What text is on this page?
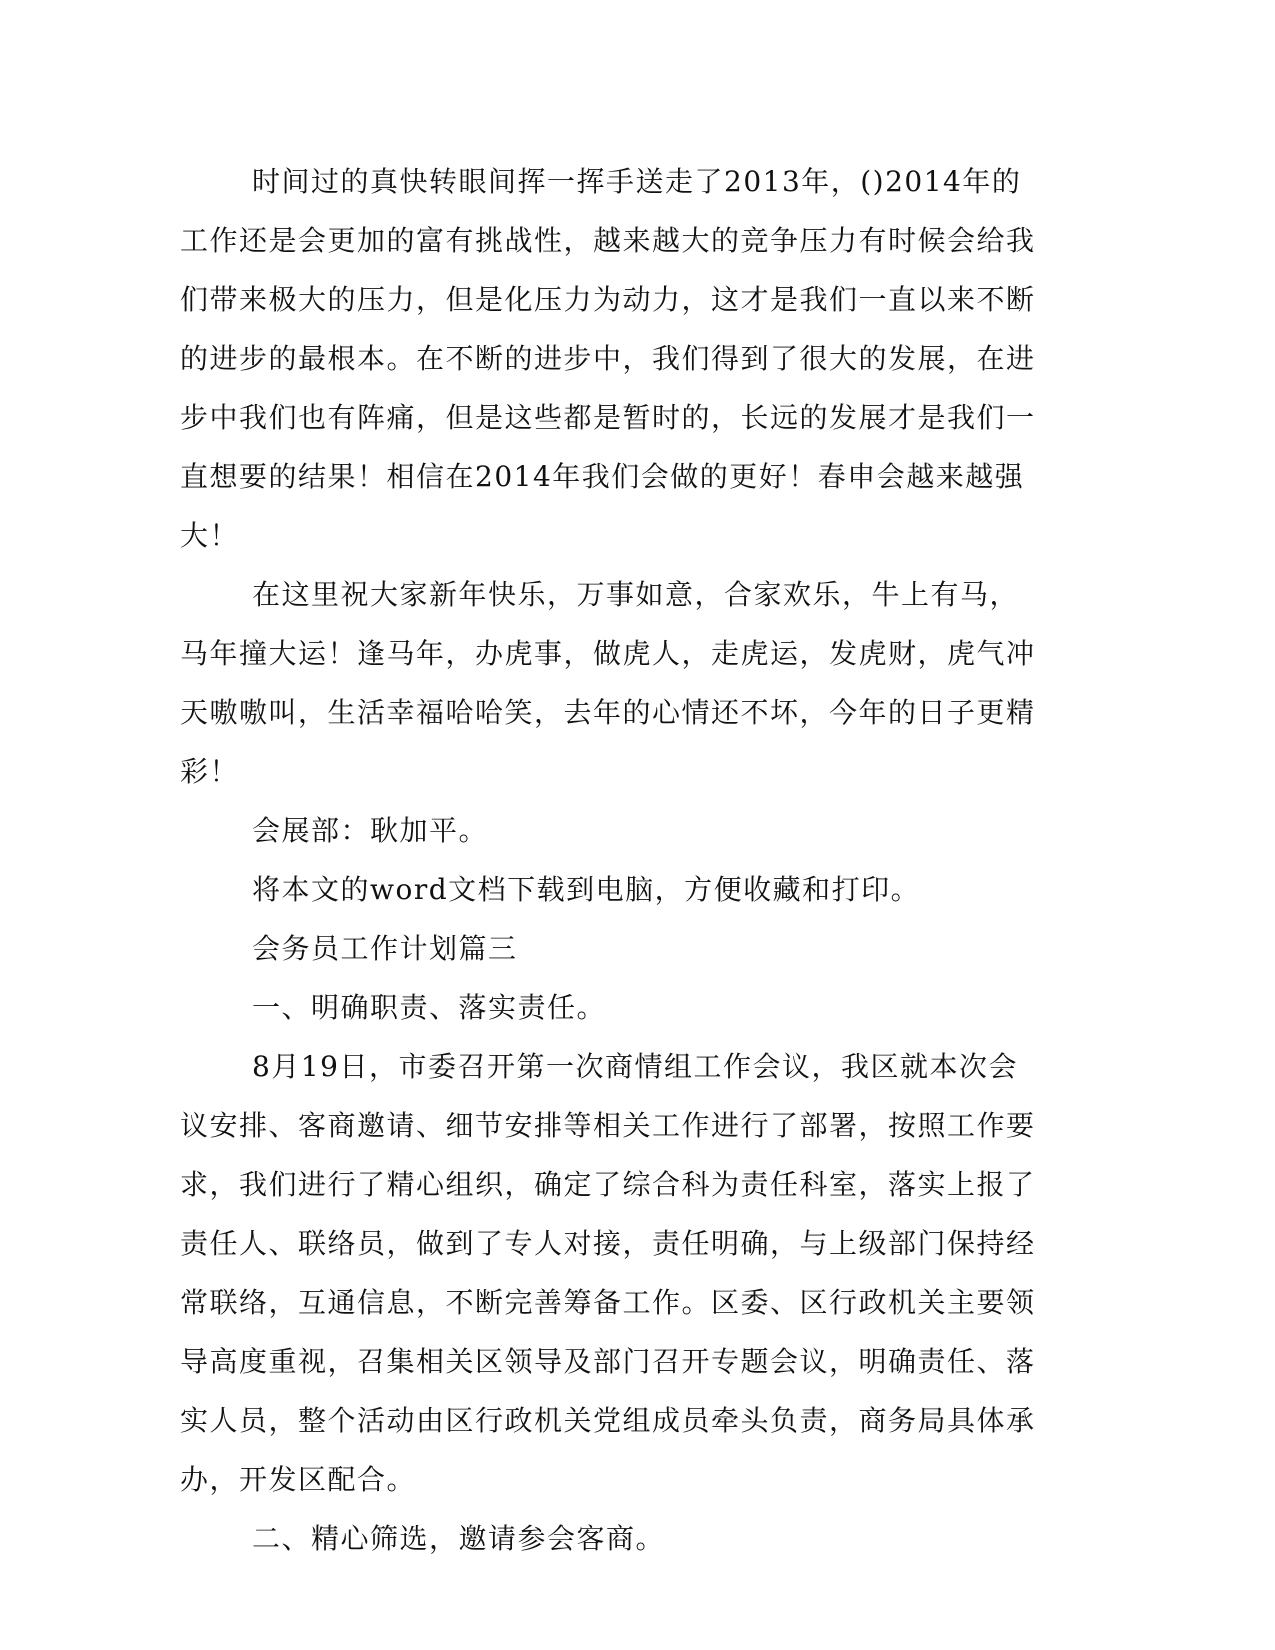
时间过的真快转眼间挥一挥手送走了2013年，()2014年的工作还是会更加的富有挑战性，越来越大的竞争压力有时候会给我们带来极大的压力，但是化压力为动力，这才是我们一直以来不断的进步的最根本。在不断的进步中，我们得到了很大的发展，在进步中我们也有阵痛，但是这些都是暂时的，长远的发展才是我们一直想要的结果！相信在2014年我们会做的更好！春申会越来越强大！

在这里祝大家新年快乐，万事如意，合家欢乐，牛上有马，马年撞大运！逢马年，办虎事，做虎人，走虎运，发虎财，虎气冲天嗷嗷叫，生活幸福哈哈笑，去年的心情还不坏，今年的日子更精彩！

会展部：耿加平。

将本文的word文档下载到电脑，方便收藏和打印。

会务员工作计划篇三

一、明确职责、落实责任。

8月19日，市委召开第一次商情组工作会议，我区就本次会议安排、客商邀请、细节安排等相关工作进行了部署，按照工作要求，我们进行了精心组织，确定了综合科为责任科室，落实上报了责任人、联络员，做到了专人对接，责任明确，与上级部门保持经常联络，互通信息，不断完善筹备工作。区委、区行政机关主要领导高度重视，召集相关区领导及部门召开专题会议，明确责任、落实人员，整个活动由区行政机关党组成员牵头负责，商务局具体承办，开发区配合。

二、精心筛选，邀请参会客商。
